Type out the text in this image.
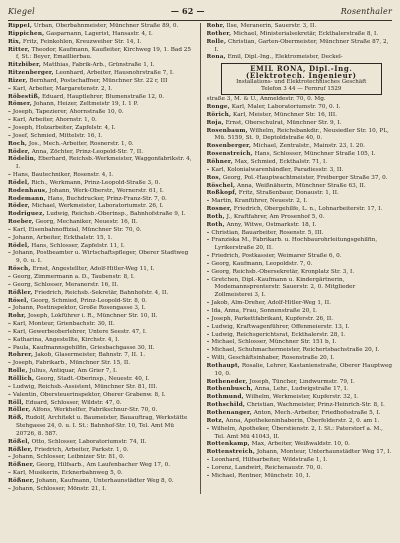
Kiegel	— 62 —	Rosenthaler
Rippel, Urban, Oberbahnmeister, Münchner Straße 89, 0.
Rippichen, Gasparnann, Lagerist, Hansastr. 4, I.
Rix, Fritz, Feinkohlen, Kreuzweiher Str. 14, I.
Ritter, Theodor, Kaufmann, Kaufleiter, Kirchweg 19, 1. Bad 25 f, St.: Beyer, Emaillierbau.
Ritzbiber, Matthias, Fabrik-Arb., Grünstraße 1, I.
Ritzenberger, Leonhard, Arbeiter, Hausnohrstraße 7, I.
Rizer, Bernhard, Postschaffner, Münchner Str. 22 r, III
– Karl, Arbeiter, Margaretenstr. 2, I.
Röbestiß, Eduard, Hauptlehrer, Blumenstraße 12, 0.
Römer, Johann, Heizer, Zeltmeistr 19, I. 1 P.
– Joseph, Tapezierer, Ahornstraße 10, 0.
– Karl, Arbeiter, Ahornstr. 1, 0.
– Joseph, Holzarbeiter, Zapfelstr. 4, I.
– Josef, Schmied, Mittelstr. 16, I.
Roch, Jos., Mech.-Arbeiter, Rosnerstr. 1, 0.
Röder, Anna, Zöchter, Prinz-Leopold-Str. 7, II.
Rödelin, Eberhard, Reichsb.-Werkmeister, Waggonfabrikstr. 4, I.
– Hans, Bautechniker, Rosenstr. 4, I.
Rödel, Rich., Werkmann, Prinz-Leopold-Straße 3, 0.
Rodenhaus, Johann, Werk-Oberstr., Wernerstr. 61, I.
Rodemann, Hans, Buchdrucker, Prinz-Franz-Str. 7, 0.
Röder, Michael, Werkmeister, Laboratoriumstr. 26, I.
Rodriguez, Ludwig, Reichsb.-Oberinsp., Bahnhofstraße 9, I.
Roeber, Georg, Mechaniker, Neuestr. 16, II.
– Karl, Eisenbahnoffizial, Münchner Str. 70, 0.
– Johann, Arbeiter, Eckthalstr. 15, 1.
Rödel, Hans, Schlosser, Zapfelstr. 11, I.
– Johann, Postbeamter u. Wirtschaftspfleger, Oberer Stadtweg 9, 0. u. I.
Rösch, Ernst, Angestellter, Adolf-Hitler-Weg 11, I.
– Georg, Zimmermann a. D., Taubenstr. 8, I.
– Georg, Schlosser, Meranerstr. 16, II.
Rößler, Friedrich, Reichsb.-Sekretär, Bahnhofstr. 4, II.
Rösel, Georg, Schmied, Prinz-Leopold-Str. 8, 0.
– Johann, Postinspektor, Große Rosengasse 3, I.
Rohr, Joseph, Lokführer i. R., Münchner Str. 10, II.
– Karl, Monteur, Grienbachstr. 30, II.
– Karl, Gewerbeoberlehrer, Untere Seestr. 47, I.
– Katharina, Angestellte, Kirchstr. 4, I.
– Paula, Kaufmannsgehilfin, Griesbachgasse 30, II.
Rohrer, Jakob, Glasermeister, Bahnstr. 7, II. 1.
– Joseph, Fabrikarb., Münchner Str. 15, II.
Rolle, Julius, Antiquar, Am Grier 7, I.
Röllich, Georg, Stadt.-Oberinsp., Neuestr. 40, I.
– Ludwig, Reichsb.-Assistent, Münchner Str. 81, III.
– Valentin, Obersteuerinspektor, Oberer Grabenw. 8, I.
Röll, Eduard, Schlosser, Wildstr. 47, 0.
Röller, Alfons, Werkhelfer, Fabrikschnur-Str. 70, 0.
Röß, Rudolf, Architekt u. Baumeister, Bauauftrag, Werkstätte Stehgasse 24, 0. u. I. St.: Bahnhof-Str. 10, Tel. Amt Mü 20726, 8. 587.
Rößel, Otto, Schlosser, Laboratoriumstr. 74, II.
Rößler, Friedrich, Arbeiter, Parkstr. 1, 0.
– Johann, Schlosser, Leibnizer Str. 81, 0.
Rößner, Georg, Hilfsarb., Am Laufenbacher Weg 17, 0.
– Karl, Musikerin, Ecknerbahnweg 5, 0.
Rößner, Johann, Kaufmann, Unterhaunstädter Weg 8, 0.
– Johann, Schlosser, Mönstr. 21, I.
Rohr, Ilse, Meranerin, Sauerstr. 3, II.
Rother, Michael, Ministerialsekretär, Eckthalerstraße 8, I.
Rolle, Christian, Garten-Obermeister, Münchner Straße 87, 2, I.
Rona, Emil, Dipl.-Ing., Elektromeister, Deckel-
EMIL RONA, Dipl.-Ing. (Elektrotech. Ingenieur)
Installations- und Elektrotechnisches Geschäft
Telefon 3 44 — Fernruf 1529
straße 3, M. & U., Anmeldestr. 70, 0. Mg.
Ronge, Karl, Maler, Laboratoriumstr. 70, 0. I.
Rörich, Karl, Meister, Münchner Str. 16, III.
Roja, Ernst, Oberschulrat, Münchner Str. 9, I.
Rosenbaum, Wilhelm, Reichsbankdir., Neusiedler Str. 10, PL, Mü. 5159, St. 9, Deptoldstraße 40, 0.
Rosenberger, Michael, Zentralstr., Mainstr. 23, I. 20.
Rosenstreich, Hans, Schlosser, Münchner Straße 105, I.
Röhner, Max, Schmied, Eckthalstr. 71, I.
– Karl, Kolonialwarenhändler, Paradiesstr. 3, II.
Ros, Georg, Pol.-Hauptwachtmeister, Freiberger Straße 37, 0.
Röschel, Anna, Weißnäherin, Münchner Straße 63, II.
Roßkopf, Fritz, Straßenbaur, Donaustr. 1, II.
– Martin, Kranführer, Neuestr. 2, I.
Rosner, Friedrich, Obergehilfe, L. n., Lohnarbeiterstr. 17, I.
Roth, J., Kraftfahrer, Am Prosenhof 5, 0.
Roth, Anny, Witwe, Ostmarkstr. 18, I.
– Christian, Bauarbeiter, Rosenstr. 5, III.
– Franziska M., Fabrikarb. u. Hochbaurohrleitungsgehilfin, Lyrikerstraße 20, II.
– Friedrich, Postkassier, Weimarer Straße 6, 0.
– Georg, Kaufmann, Leopoldstr. 7, 0.
– Georg, Reichsb.-Obersekretär, Kronplatz Str. 3, I.
– Gretchen, Dipl.-Kaufmann u. Kindergärtnerin, Modemannsprenterstr. Sauerstr. 2, 0. Mitglieder Zollmeisterei 3, I.
– Jakob, Alm-Dreher, Adolf-Hitler-Weg 1, II.
– Ida, Anna, Frau, Sonnenstraße 20, I.
– Joseph, Parkettfabrikant, Kupferstr. 26, II.
– Ludwig, Kraftwagenführer, Offenmeierstr. 13, I.
– Ludwig, Reichsgerichtsrat, Eckthalerstr. 28, I.
– Michael, Schlosser, Münchner Str. 151 b, I.
– Michael, Schuhmachermeister, Reichertsbachstraße 20, I.
– Willi, Geschäftsinhaber, Rosenstraße 20, I.
Rothaupt, Rosalie, Lehrer, Kastanienstraße, Oberer Hauptweg 10, 0.
Rotheneder, Joseph, Tüncher, Lindwurmstr. 79, I.
Rothenbusch, Anna, Lehr., Ludwigstraße 17, I.
Rothmund, Wilhelm, Werkmeister, Kupferstr. 32, I.
Rothschild, Christian, Wachmeister, Prinz-Heinrich-Str. 8, I.
Rothenanger, Anton, Mech.-Arbeiter, Friedhofsstraße 5, I.
Rotz, Anna, Apothekeninhaberin, Überfelderstr. 2, 0. am 1.
– Wilhelm, Apotheker, Überstienstr. 2, I. St.: Paterstorf a. M., Tel. Amt Mü 41043, II.
Rottenkamp, Max, Arbeiter, Weißwaldstr. 10, 0.
Rottenstreich, Johann, Monteur, Unterhaunstädter Weg 17, I.
– Leonhard, Hilfsarbeiter, Wildstraße 1, I.
– Lorenz, Landwirt, Reichenaustr. 70, 0.
– Michael, Rentner, Münchstr. 10, I.
